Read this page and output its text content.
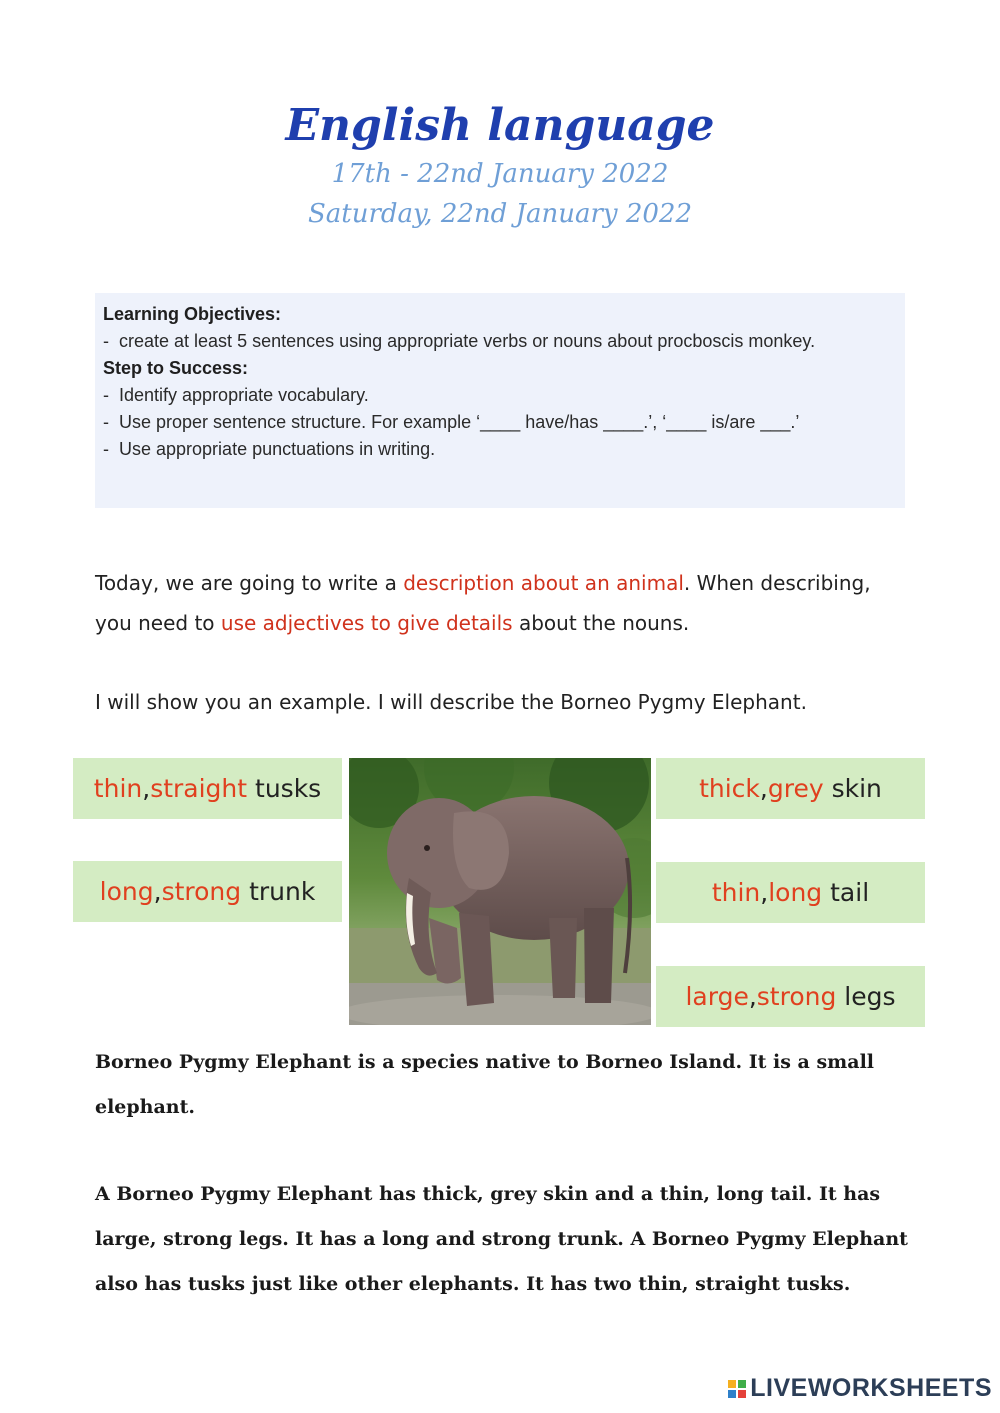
English language
17th - 22nd January 2022
Saturday, 22nd January 2022
Learning Objectives:
- create at least 5 sentences using appropriate verbs or nouns about procboscis monkey.
Step to Success:
- Identify appropriate vocabulary.
- Use proper sentence structure. For example ‘____ have/has ____.’, ‘____ is/are ___.’
- Use appropriate punctuations in writing.
Today, we are going to write a description about an animal. When describing,
you need to use adjectives to give details about the nouns.
I will show you an example. I will describe the Borneo Pygmy Elephant.
thin , straight tusks
long , strong trunk
thick , grey skin
thin , long tail
large , strong legs
Borneo Pygmy Elephant is a species native to Borneo Island. It is a small elephant.
A Borneo Pygmy Elephant has thick, grey skin and a thin, long tail. It has large, strong legs. It has a long and strong trunk. A Borneo Pygmy Elephant also has tusks just like other elephants. It has two thin, straight tusks.
LIVEWORKSHEETS
